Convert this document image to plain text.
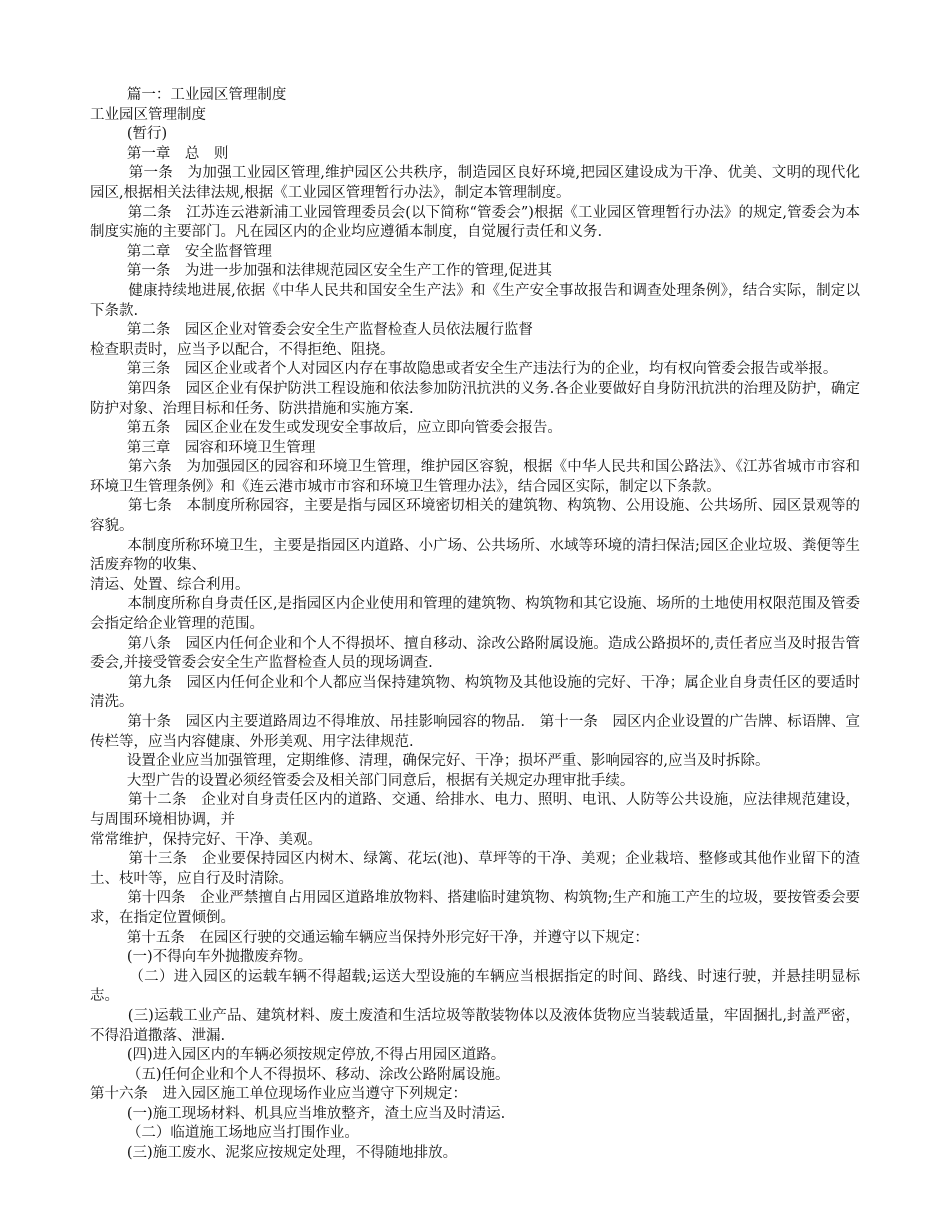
篇一：工业园区管理制度

工业园区管理制度

(暂行)

第一章　总　则

第一条　为加强工业园区管理,维护园区公共秩序，制造园区良好环境,把园区建设成为干净、优美、文明的现代化园区,根据相关法律法规,根据《工业园区管理暂行办法》，制定本管理制度。

第二条　江苏连云港新浦工业园管理委员会(以下简称“管委会”)根据《工业园区管理暂行办法》的规定,管委会为本制度实施的主要部门。凡在园区内的企业均应遵循本制度，自觉履行责任和义务.

第二章　安全监督管理

第一条　为进一步加强和法律规范园区安全生产工作的管理,促进其

健康持续地进展,依据《中华人民共和国安全生产法》和《生产安全事故报告和调查处理条例》，结合实际，制定以下条款.

第二条　园区企业对管委会安全生产监督检查人员依法履行监督

检查职责时，应当予以配合，不得拒绝、阻挠。

第三条　园区企业或者个人对园区内存在事故隐患或者安全生产违法行为的企业，均有权向管委会报告或举报。

第四条　园区企业有保护防洪工程设施和依法参加防汛抗洪的义务.各企业要做好自身防汛抗洪的治理及防护，确定防护对象、治理目标和任务、防洪措施和实施方案.

第五条　园区企业在发生或发现安全事故后，应立即向管委会报告。

第三章　园容和环境卫生管理

第六条　为加强园区的园容和环境卫生管理，维护园区容貌，根据《中华人民共和国公路法》、《江苏省城市市容和环境卫生管理条例》和《连云港市城市市容和环境卫生管理办法》，结合园区实际，制定以下条款。

第七条　本制度所称园容，主要是指与园区环境密切相关的建筑物、构筑物、公用设施、公共场所、园区景观等的容貌。

本制度所称环境卫生，主要是指园区内道路、小广场、公共场所、水域等环境的清扫保洁;园区企业垃圾、粪便等生活废弃物的收集、

清运、处置、综合利用。

本制度所称自身责任区,是指园区内企业使用和管理的建筑物、构筑物和其它设施、场所的土地使用权限范围及管委会指定给企业管理的范围。

第八条　园区内任何企业和个人不得损坏、擅自移动、涂改公路附属设施。造成公路损坏的,责任者应当及时报告管委会,并接受管委会安全生产监督检查人员的现场调查.

第九条　园区内任何企业和个人都应当保持建筑物、构筑物及其他设施的完好、干净；属企业自身责任区的要适时清洗。

第十条　园区内主要道路周边不得堆放、吊挂影响园容的物品． 第十一条　园区内企业设置的广告牌、标语牌、宣传栏等，应当内容健康、外形美观、用字法律规范.

设置企业应当加强管理，定期维修、清理，确保完好、干净；损坏严重、影响园容的,应当及时拆除。

大型广告的设置必须经管委会及相关部门同意后，根据有关规定办理审批手续。

第十二条　企业对自身责任区内的道路、交通、给排水、电力、照明、电讯、人防等公共设施，应法律规范建设，与周围环境相协调，并

常常维护，保持完好、干净、美观。

第十三条　企业要保持园区内树木、绿篱、花坛(池)、草坪等的干净、美观；企业栽培、整修或其他作业留下的渣土、枝叶等，应自行及时清除。

第十四条　企业严禁擅自占用园区道路堆放物料、搭建临时建筑物、构筑物;生产和施工产生的垃圾，要按管委会要求，在指定位置倾倒。

第十五条　在园区行驶的交通运输车辆应当保持外形完好干净，并遵守以下规定：

(一)不得向车外抛撒废弃物。

（二）进入园区的运载车辆不得超载;运送大型设施的车辆应当根据指定的时间、路线、时速行驶，并悬挂明显标志。

(三)运载工业产品、建筑材料、废土废渣和生活垃圾等散装物体以及液体货物应当装载适量，牢固捆扎,封盖严密，不得沿道撒落、泄漏.

(四)进入园区内的车辆必须按规定停放,不得占用园区道路。

（五)任何企业和个人不得损坏、移动、涂改公路附属设施。

第十六条　进入园区施工单位现场作业应当遵守下列规定：

(一)施工现场材料、机具应当堆放整齐，渣土应当及时清运.

（二）临道施工场地应当打围作业。

(三)施工废水、泥浆应按规定处理，不得随地排放。
